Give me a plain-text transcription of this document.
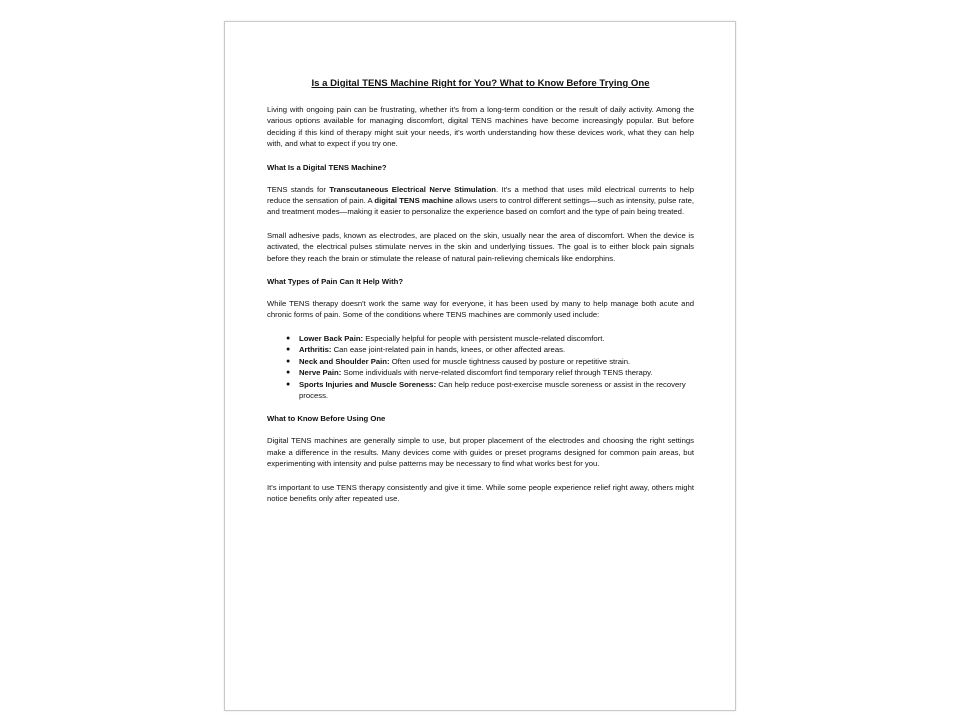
Is a Digital TENS Machine Right for You? What to Know Before Trying One

Living with ongoing pain can be frustrating, whether it's from a long-term condition or the result of daily activity. Among the various options available for managing discomfort, digital TENS machines have become increasingly popular. But before deciding if this kind of therapy might suit your needs, it's worth understanding how these devices work, what they can help with, and what to expect if you try one.

What Is a Digital TENS Machine?

TENS stands for Transcutaneous Electrical Nerve Stimulation. It's a method that uses mild electrical currents to help reduce the sensation of pain. A digital TENS machine allows users to control different settings—such as intensity, pulse rate, and treatment modes—making it easier to personalize the experience based on comfort and the type of pain being treated.

Small adhesive pads, known as electrodes, are placed on the skin, usually near the area of discomfort. When the device is activated, the electrical pulses stimulate nerves in the skin and underlying tissues. The goal is to either block pain signals before they reach the brain or stimulate the release of natural pain-relieving chemicals like endorphins.

What Types of Pain Can It Help With?

While TENS therapy doesn't work the same way for everyone, it has been used by many to help manage both acute and chronic forms of pain. Some of the conditions where TENS machines are commonly used include:

● Lower Back Pain: Especially helpful for people with persistent muscle-related discomfort.
● Arthritis: Can ease joint-related pain in hands, knees, or other affected areas.
● Neck and Shoulder Pain: Often used for muscle tightness caused by posture or repetitive strain.
● Nerve Pain: Some individuals with nerve-related discomfort find temporary relief through TENS therapy.
● Sports Injuries and Muscle Soreness: Can help reduce post-exercise muscle soreness or assist in the recovery process.
What to Know Before Using One

Digital TENS machines are generally simple to use, but proper placement of the electrodes and choosing the right settings make a difference in the results. Many devices come with guides or preset programs designed for common pain areas, but experimenting with intensity and pulse patterns may be necessary to find what works best for you.

It's important to use TENS therapy consistently and give it time. While some people experience relief right away, others might notice benefits only after repeated use.
